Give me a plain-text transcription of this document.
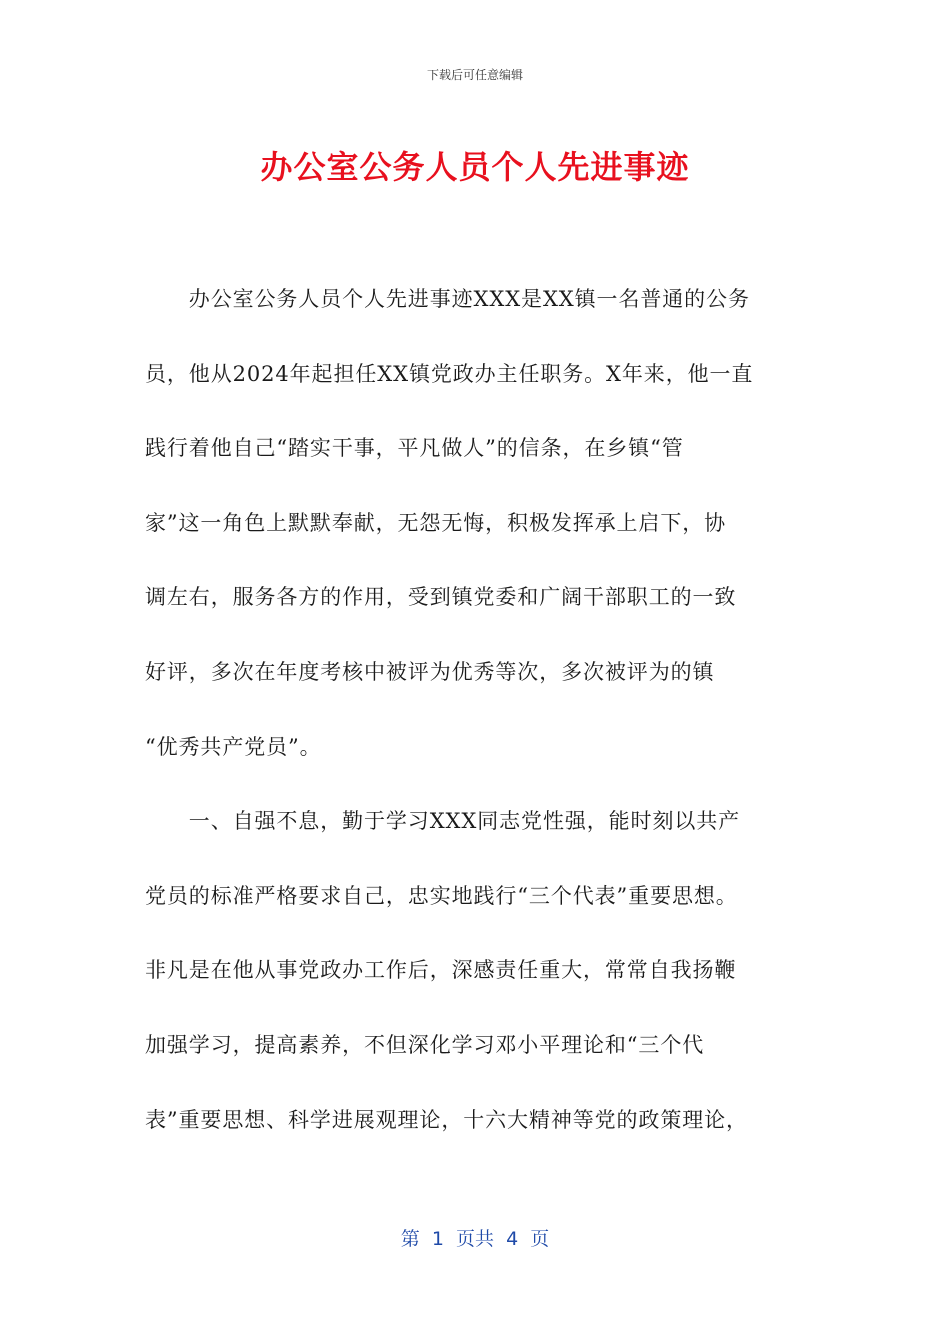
下载后可任意编辑
办公室公务人员个人先进事迹
　　办公室公务人员个人先进事迹XXX是XX镇一名普通的公务
员，他从2024年起担任XX镇党政办主任职务。X年来，他一直
践行着他自己“踏实干事，平凡做人”的信条，在乡镇“管
家”这一角色上默默奉献，无怨无悔，积极发挥承上启下，协
调左右，服务各方的作用，受到镇党委和广阔干部职工的一致
好评，多次在年度考核中被评为优秀等次，多次被评为的镇
“优秀共产党员”。
　　一、自强不息，勤于学习XXX同志党性强，能时刻以共产
党员的标准严格要求自己，忠实地践行“三个代表”重要思想。
非凡是在他从事党政办工作后，深感责任重大，常常自我扬鞭
加强学习，提高素养，不但深化学习邓小平理论和“三个代
表”重要思想、科学进展观理论，十六大精神等党的政策理论，
第  1  页共  4  页
